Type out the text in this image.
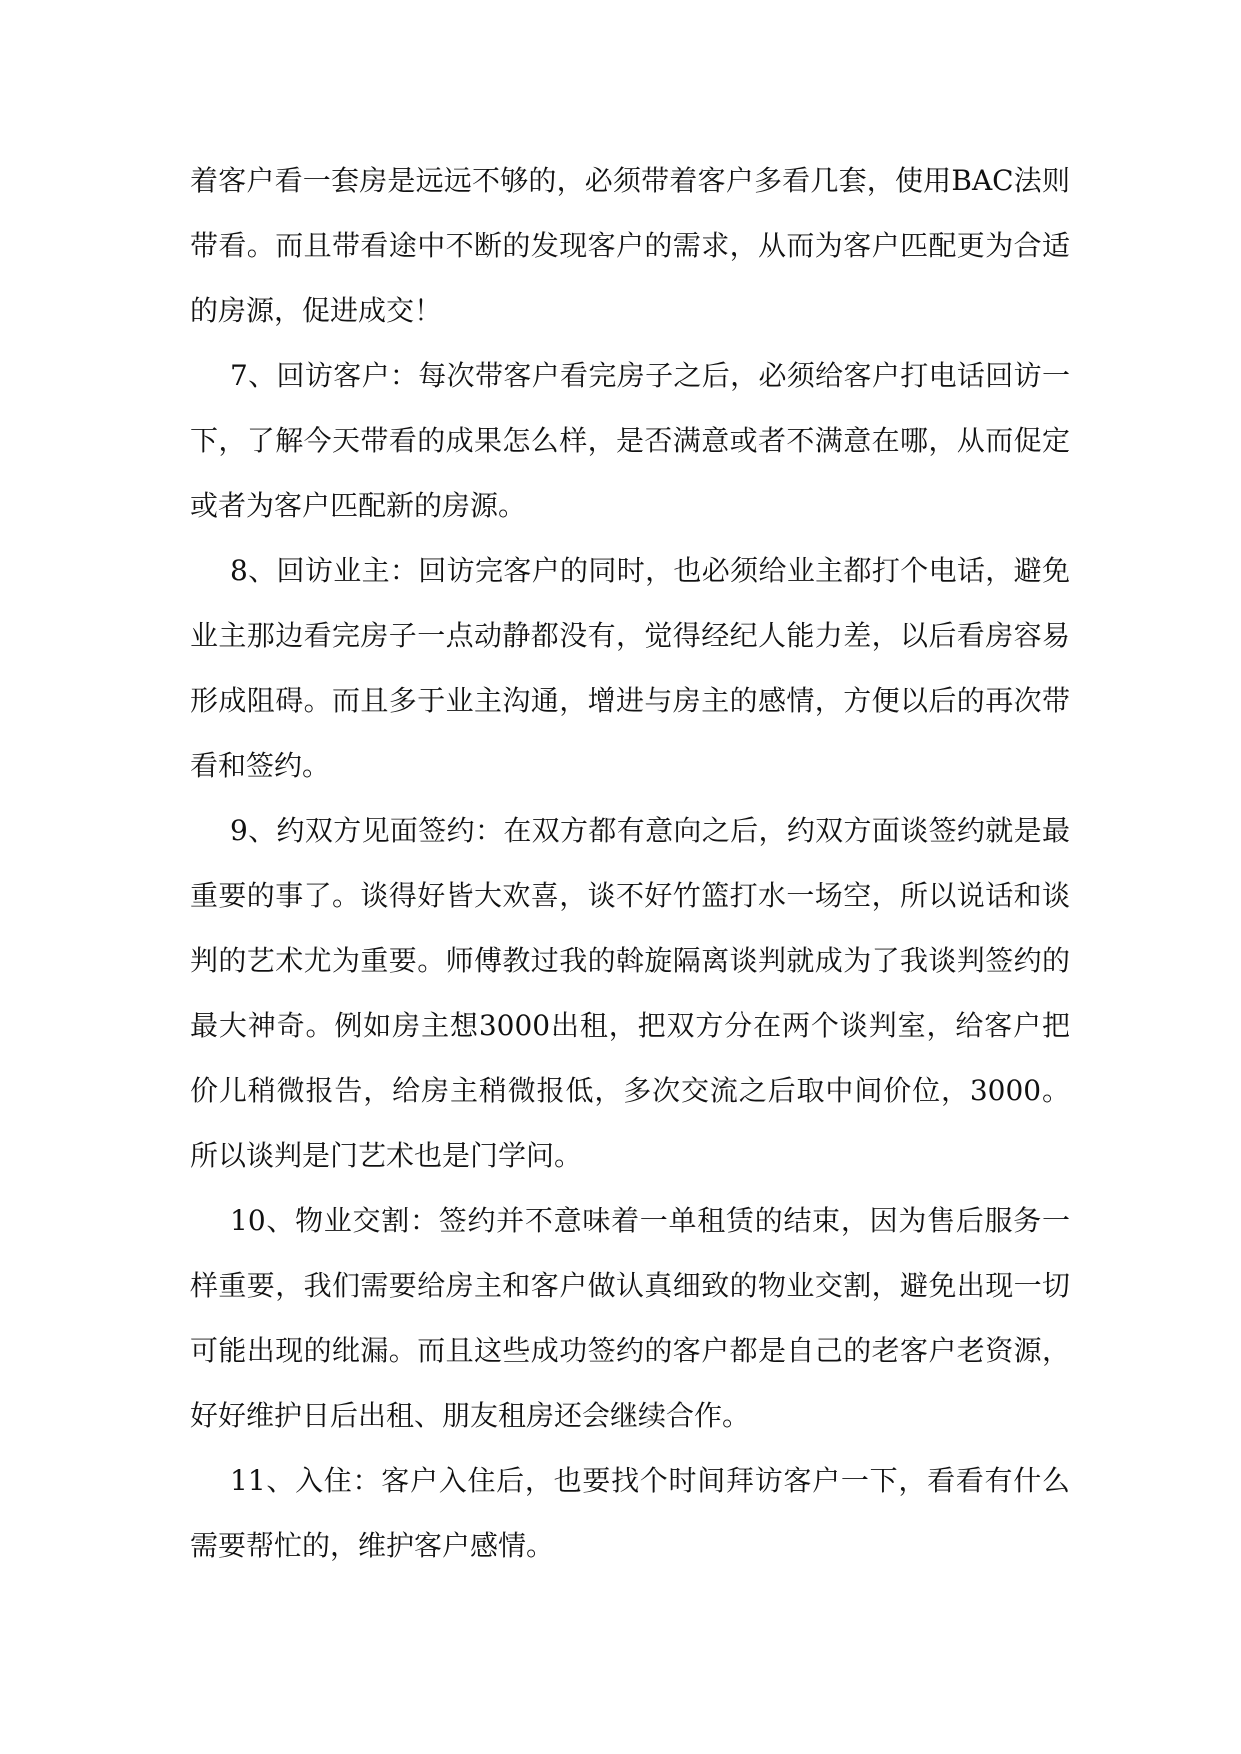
着客户看一套房是远远不够的，必须带着客户多看几套，使用BAC法则带看。而且带看途中不断的发现客户的需求，从而为客户匹配更为合适的房源，促进成交！

7、回访客户：每次带客户看完房子之后，必须给客户打电话回访一下，了解今天带看的成果怎么样，是否满意或者不满意在哪，从而促定或者为客户匹配新的房源。

8、回访业主：回访完客户的同时，也必须给业主都打个电话，避免业主那边看完房子一点动静都没有，觉得经纪人能力差，以后看房容易形成阻碍。而且多于业主沟通，增进与房主的感情，方便以后的再次带看和签约。

9、约双方见面签约：在双方都有意向之后，约双方面谈签约就是最重要的事了。谈得好皆大欢喜，谈不好竹篮打水一场空，所以说话和谈判的艺术尤为重要。师傅教过我的斡旋隔离谈判就成为了我谈判签约的最大神奇。例如房主想3000出租，把双方分在两个谈判室，给客户把价儿稍微报告，给房主稍微报低，多次交流之后取中间价位，3000。所以谈判是门艺术也是门学问。

10、物业交割：签约并不意味着一单租赁的结束，因为售后服务一样重要，我们需要给房主和客户做认真细致的物业交割，避免出现一切可能出现的纰漏。而且这些成功签约的客户都是自己的老客户老资源，好好维护日后出租、朋友租房还会继续合作。

11、入住：客户入住后，也要找个时间拜访客户一下，看看有什么需要帮忙的，维护客户感情。
